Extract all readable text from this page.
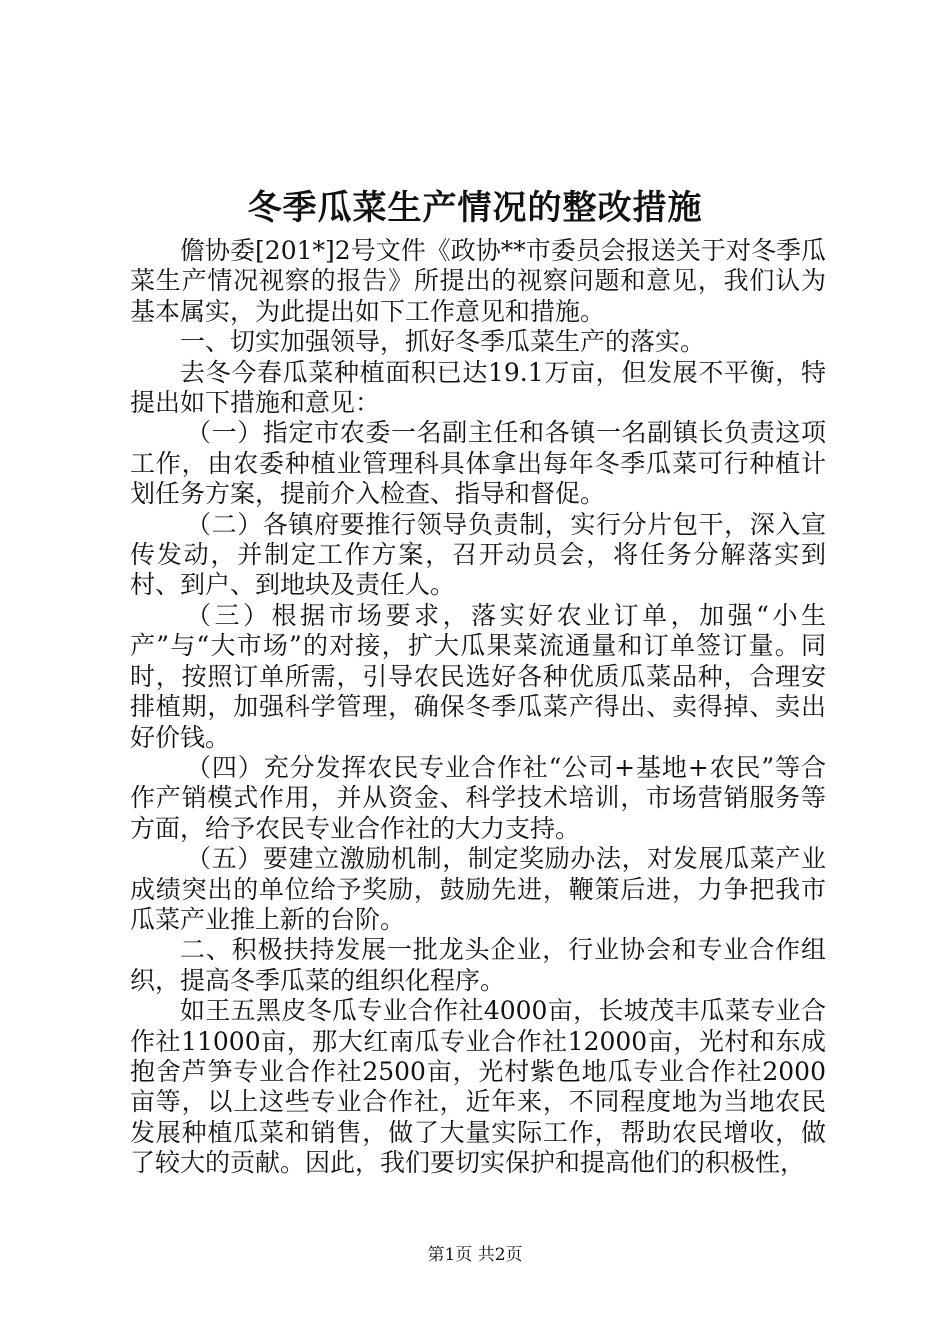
冬季瓜菜生产情况的整改措施

儋协委[201*]2号文件《政协**市委员会报送关于对冬季瓜菜生产情况视察的报告》所提出的视察问题和意见，我们认为基本属实，为此提出如下工作意见和措施。

一、切实加强领导，抓好冬季瓜菜生产的落实。

去冬今春瓜菜种植面积已达19.1万亩，但发展不平衡，特提出如下措施和意见：

（一）指定市农委一名副主任和各镇一名副镇长负责这项工作，由农委种植业管理科具体拿出每年冬季瓜菜可行种植计划任务方案，提前介入检查、指导和督促。

（二）各镇府要推行领导负责制，实行分片包干，深入宣传发动，并制定工作方案，召开动员会，将任务分解落实到村、到户、到地块及责任人。

（三）根据市场要求，落实好农业订单，加强“小生产”与“大市场”的对接，扩大瓜果菜流通量和订单签订量。同时，按照订单所需，引导农民选好各种优质瓜菜品种，合理安排植期，加强科学管理，确保冬季瓜菜产得出、卖得掉、卖出好价钱。

（四）充分发挥农民专业合作社“公司+基地+农民”等合作产销模式作用，并从资金、科学技术培训，市场营销服务等方面，给予农民专业合作社的大力支持。

（五）要建立激励机制，制定奖励办法，对发展瓜菜产业成绩突出的单位给予奖励，鼓励先进，鞭策后进，力争把我市瓜菜产业推上新的台阶。

二、积极扶持发展一批龙头企业，行业协会和专业合作组织，提高冬季瓜菜的组织化程序。

如王五黑皮冬瓜专业合作社4000亩，长坡茂丰瓜菜专业合作社11000亩，那大红南瓜专业合作社12000亩，光村和东成抱舍芦笋专业合作社2500亩，光村紫色地瓜专业合作社2000亩等，以上这些专业合作社，近年来，不同程度地为当地农民发展种植瓜菜和销售，做了大量实际工作，帮助农民增收，做了较大的贡献。因此，我们要切实保护和提高他们的积极性，

第1页 共2页
